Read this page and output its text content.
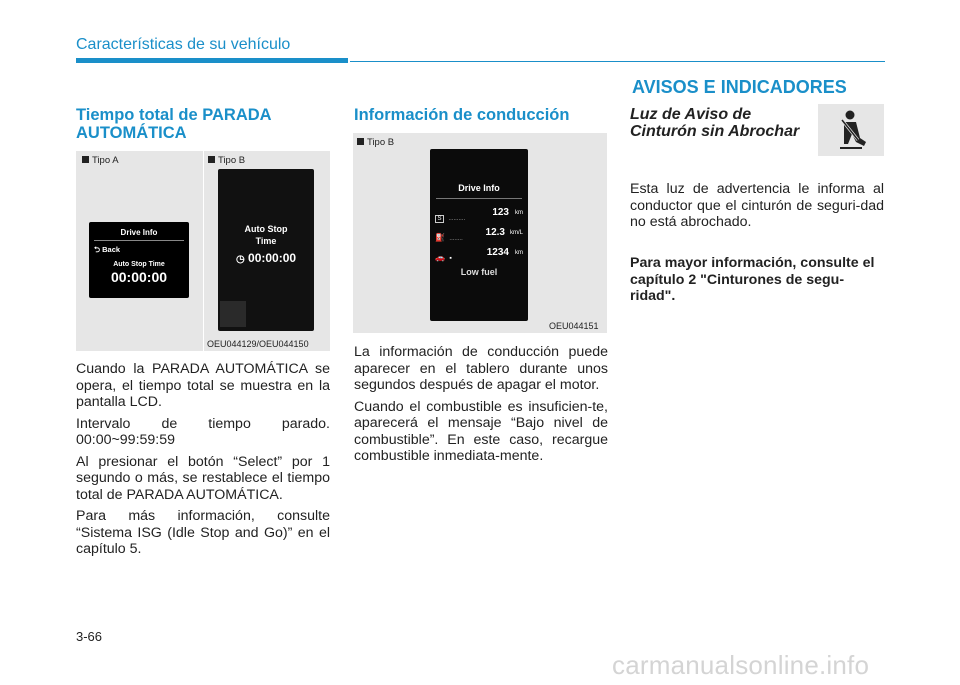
Características de su vehículo
AVISOS E INDICADORES
Tiempo total de PARADA AUTOMÁTICA
Tipo A	Tipo B
Drive Info
⮌ Back
Auto Stop Time
00:00:00
Auto Stop
Time
◷ 00:00:00
OEU044129/OEU044150

Cuando la PARADA AUTOMÁTICA se opera, el tiempo total se muestra en la pantalla LCD.

Intervalo de tiempo parado. 00:00~99:59:59

Al presionar el botón “Select” por 1 segundo o más, se restablece el tiempo total de PARADA AUTOMÁTICA.

Para más información, consulte “Sistema ISG (Idle Stop and Go)” en el capítulo 5.

Información de conducción
Tipo B
Drive Info
S ..........
123 km
⛽ ........
12.3 km/L
🚗 ▪
1234 km
Low fuel
OEU044151

La información de conducción puede aparecer en el tablero durante unos segundos después de apagar el motor.

Cuando el combustible es insuficien-te, aparecerá el mensaje “Bajo nivel de combustible”. En este caso, recargue combustible inmediata-mente.

Luz de Aviso de
Cinturón sin Abrochar
Esta luz de advertencia le informa al conductor que el cinturón de seguri-dad no está abrochado.
Para mayor información, consulte el capítulo 2 "Cinturones de segu-ridad".
3-66
carmanualsonline.info
